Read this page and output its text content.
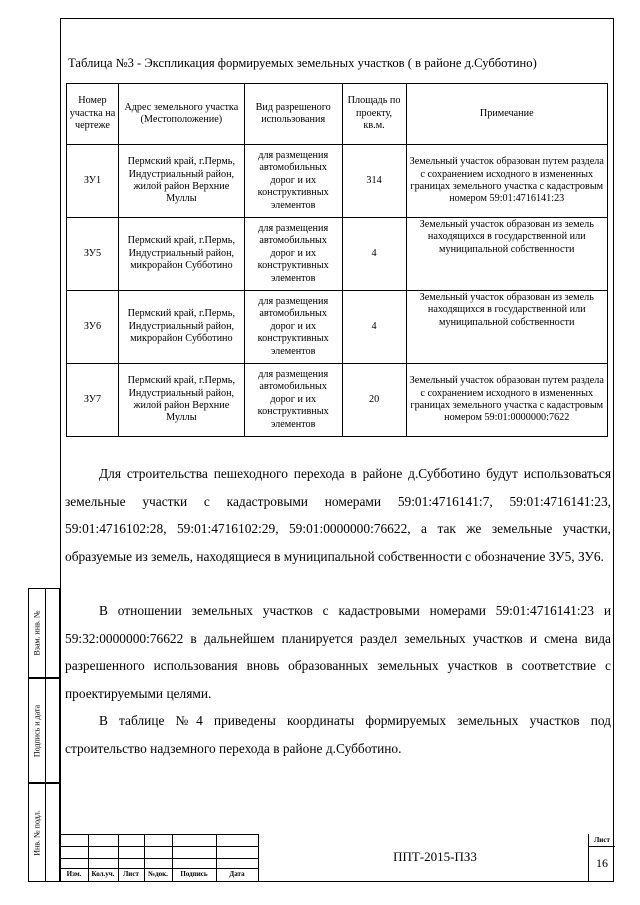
Взам. инв. №
Подпись и дата
Инв. № подл.
Таблица №3 - Экспликация формируемых земельных участков ( в районе д.Субботино)
Номер участка на чертеже	Адрес земельного участка (Местоположение)	Вид разрешеного использования	Площадь по проекту, кв.м.	Примечание
ЗУ1	Пермский край, г.Пермь, Индустриальный район, жилой район Верхние Муллы	для размещения автомобильных дорог и их конструктивных элементов	314	Земельный участок образован путем раздела с сохранением исходного в измененных границах земельного участка с кадастровым номером 59:01:4716141:23
ЗУ5	Пермский край, г.Пермь, Индустриальный район, микрорайон Субботино	для размещения автомобильных дорог и их конструктивных элементов	4	Земельный участок образован из земель находящихся в государственной или муниципальной собственности
ЗУ6	Пермский край, г.Пермь, Индустриальный район, микрорайон Субботино	для размещения автомобильных дорог и их конструктивных элементов	4	Земельный участок образован из земель находящихся в государственной или муниципальной собственности
ЗУ7	Пермский край, г.Пермь, Индустриальный район, жилой район Верхние Муллы	для размещения автомобильных дорог и их конструктивных элементов	20	Земельный участок образован путем раздела с сохранением исходного в измененных границах земельного участка с кадастровым номером 59:01:0000000:7622

Для строительства пешеходного перехода в районе д.Субботино будут использоваться земельные участки с кадастровыми номерами 59:01:4716141:7, 59:01:4716141:23, 59:01:4716102:28, 59:01:4716102:29, 59:01:0000000:76622, а так же земельные участки, образуемые из земель, находящиеся в муниципальной собственности с обозначение ЗУ5, ЗУ6.

В отношении земельных участков с кадастровыми номерами 59:01:4716141:23 и 59:32:0000000:76622 в дальнейшем планируется раздел земельных участков и смена вида разрешенного использования вновь образованных земельных участков в соответствие с проектируемыми целями.

В таблице №4 приведены координаты формируемых земельных участков под строительство надземного перехода в районе д.Субботино.

Изм.	Кол.уч.	Лист	№док.	Подпись	Дата
ППТ-2015-ПЗ3
Лист
16
